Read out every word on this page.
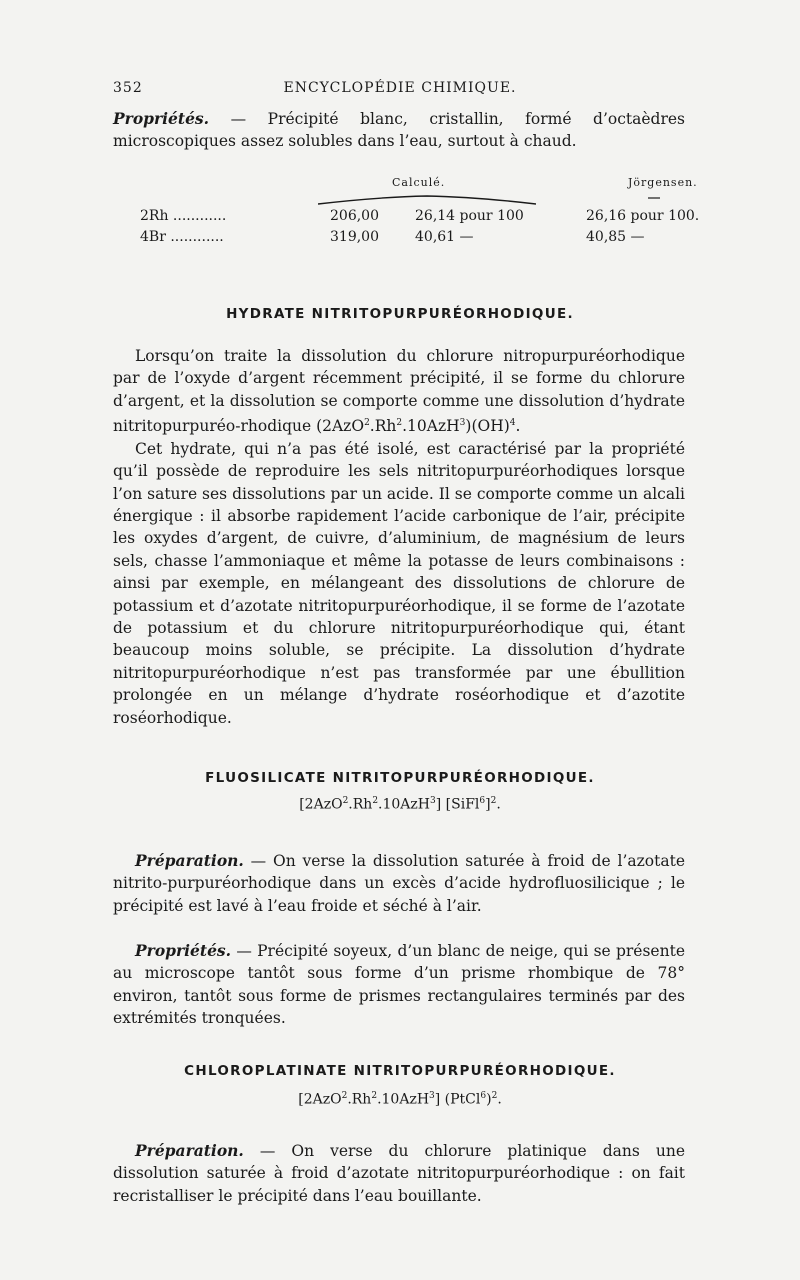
352	ENCYCLOPÉDIE CHIMIQUE.

Propriétés. — Précipité blanc, cristallin, formé d’octaèdres microscopiques assez solubles dans l’eau, surtout à chaud.

Calculé.	Jörgensen.
2Rh ............	206,00	26,14 pour 100	26,16 pour 100.
4Br ............	319,00	40,61 —	40,85 —
HYDRATE NITRITOPURPURÉORHODIQUE.

Lorsqu’on traite la dissolution du chlorure nitropurpuréorhodique par de l’oxyde d’argent récemment précipité, il se forme du chlorure d’argent, et la dissolution se comporte comme une dissolution d’hydrate nitritopurpuréo-rhodique (2AzO$^2$.Rh$^2$.10AzH$^3$)(OH)$^4$.

Cet hydrate, qui n’a pas été isolé, est caractérisé par la propriété qu’il possède de reproduire les sels nitritopurpuréorhodiques lorsque l’on sature ses dissolutions par un acide. Il se comporte comme un alcali énergique : il absorbe rapidement l’acide carbonique de l’air, précipite les oxydes d’argent, de cuivre, d’aluminium, de magnésium de leurs sels, chasse l’ammoniaque et même la potasse de leurs combinaisons : ainsi par exemple, en mélangeant des dissolutions de chlorure de potassium et d’azotate nitritopurpuréorhodique, il se forme de l’azotate de potassium et du chlorure nitritopurpuréorhodique qui, étant beaucoup moins soluble, se précipite. La dissolution d’hydrate nitritopurpuréorhodique n’est pas transformée par une ébullition prolongée en un mélange d’hydrate roséorhodique et d’azotite roséorhodique.

FLUOSILICATE NITRITOPURPURÉORHODIQUE.
[2AzO$^2$.Rh$^2$.10AzH$^3$] [SiFl$^6$]$^2$.

Préparation. — On verse la dissolution saturée à froid de l’azotate nitrito-purpuréorhodique dans un excès d’acide hydrofluosilicique ; le précipité est lavé à l’eau froide et séché à l’air.

Propriétés. — Précipité soyeux, d’un blanc de neige, qui se présente au microscope tantôt sous forme d’un prisme rhombique de 78° environ, tantôt sous forme de prismes rectangulaires terminés par des extrémités tronquées.

CHLOROPLATINATE NITRITOPURPURÉORHODIQUE.
[2AzO$^2$.Rh$^2$.10AzH$^3$] (PtCl$^6$)$^2$.

Préparation. — On verse du chlorure platinique dans une dissolution saturée à froid d’azotate nitritopurpuréorhodique : on fait recristalliser le précipité dans l’eau bouillante.
